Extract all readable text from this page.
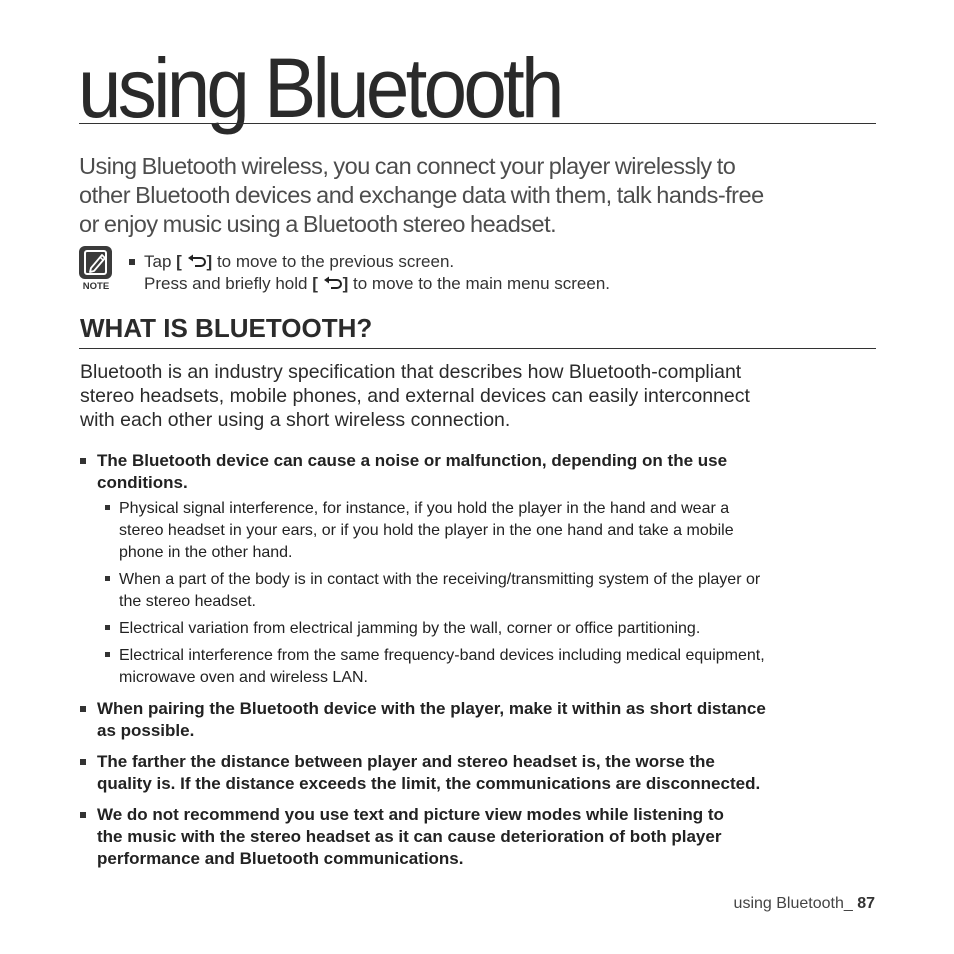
using Bluetooth
Using Bluetooth wireless, you can connect your player wirelessly to
other Bluetooth devices and exchange data with them, talk hands-free
or enjoy music using a Bluetooth stereo headset.
NOTE
Tap [ ] to move to the previous screen.
Press and briefly hold [ ] to move to the main menu screen.
WHAT IS BLUETOOTH?
Bluetooth is an industry specification that describes how Bluetooth-compliant
stereo headsets, mobile phones, and external devices can easily interconnect
with each other using a short wireless connection.
The Bluetooth device can cause a noise or malfunction, depending on the use
conditions.
Physical signal interference, for instance, if you hold the player in the hand and wear a
stereo headset in your ears, or if you hold the player in the one hand and take a mobile
phone in the other hand.
When a part of the body is in contact with the receiving/transmitting system of the player or
the stereo headset.
Electrical variation from electrical jamming by the wall, corner or office partitioning.
Electrical interference from the same frequency-band devices including medical equipment,
microwave oven and wireless LAN.
When pairing the Bluetooth device with the player, make it within as short distance
as possible.
The farther the distance between player and stereo headset is, the worse the
quality is. If the distance exceeds the limit, the communications are disconnected.
We do not recommend you use text and picture view modes while listening to
the music with the stereo headset as it can cause deterioration of both player
performance and Bluetooth communications.
using Bluetooth_ 87
